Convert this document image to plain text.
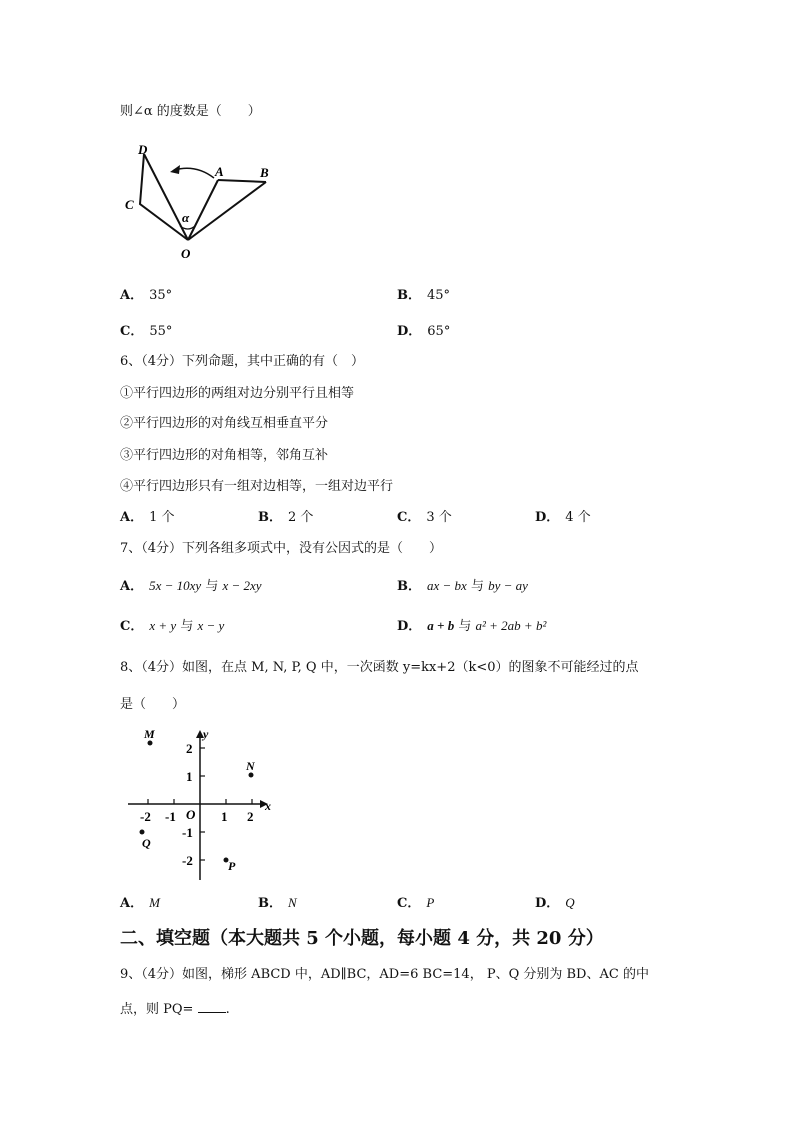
则∠α 的度数是（　　）
D
A	B
C
α
O
A． 35°	B． 45°
C． 55°	D． 65°
6、（4分）下列命题，其中正确的有（　）
①平行四边形的两组对边分别平行且相等
②平行四边形的对角线互相垂直平分
③平行四边形的对角相等，邻角互补
④平行四边形只有一组对边相等，一组对边平行
A． 1 个	B． 2 个	C． 3 个	D． 4 个
7、（4分）下列各组多项式中，没有公因式的是（　　）
A． 5x − 10xy 与 x − 2xy	B． ax − bx 与 by − ay
C． x + y 与 x − y	D． a + b 与 a² + 2ab + b²
8、（4分）如图，在点 M, N, P, Q 中，一次函数 y=kx+2（k<0）的图象不可能经过的点
是（　　）
x
y
O
-2 -1	1 2
2
1
-1
-2
M
N
Q
P
A． M	B． N	C． P	D． Q
二、填空题（本大题共 5 个小题，每小题 4 分，共 20 分）
9、（4分）如图，梯形 ABCD 中，AD∥BC，AD=6 BC=14， P、Q 分别为 BD、AC 的中
点，则 PQ= .
